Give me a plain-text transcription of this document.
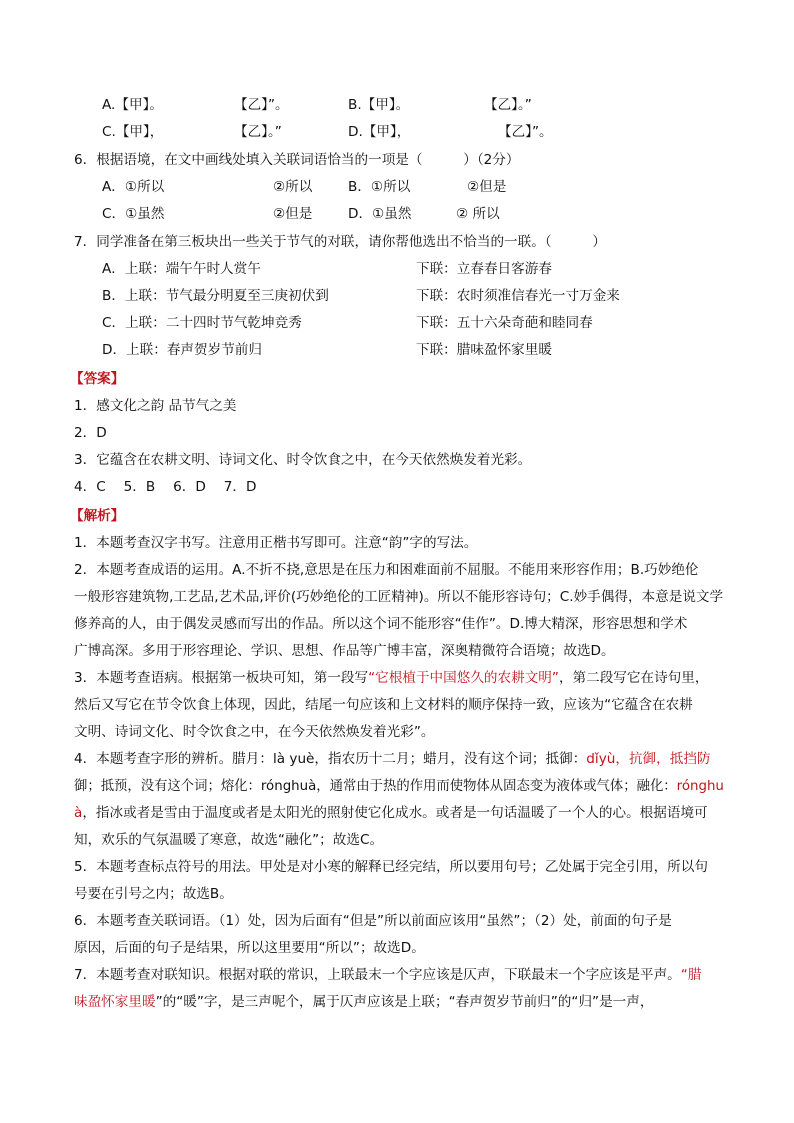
A.【甲】。	【乙】”。	B.【甲】。	【乙】。”
C.【甲】，	【乙】。”	D.【甲】，	【乙】”。
6．根据语境，在文中画线处填入关联词语恰当的一项是（　　　）（2分）
A．①所以	②所以	B．①所以	②但是
C．①虽然	②但是	D．①虽然	② 所以
7．同学准备在第三板块出一些关于节气的对联，请你帮他选出不恰当的一联。（　　　）
A．上联：端午午时人赏午	下联：立春春日客游春
B．上联：节气最分明夏至三庚初伏到	下联：农时须准信春光一寸万金来
C．上联：二十四时节气乾坤竞秀	下联：五十六朵奇葩和睦同春
D．上联：春声贺岁节前归	下联：腊味盈怀家里暖
【答案】
1．感文化之韵 品节气之美
2．D
3．它蕴含在农耕文明、诗词文化、时令饮食之中，在今天依然焕发着光彩。
4．C　 5．B　 6．D　 7．D
【解析】
1．本题考查汉字书写。注意用正楷书写即可。注意“韵”字的写法。
2．本题考查成语的运用。A.不折不挠,意思是在压力和困难面前不屈服。不能用来形容作用；B.巧妙绝伦
一般形容建筑物,工艺品,艺术品,评价(巧妙绝伦的工匠精神)。所以不能形容诗句；C.妙手偶得，本意是说文学
修养高的人，由于偶发灵感而写出的作品。所以这个词不能形容“佳作”。D.博大精深，形容思想和学术
广博高深。多用于形容理论、学识、思想、作品等广博丰富，深奥精微符合语境；故选D。
3．本题考查语病。根据第一板块可知，第一段写“它根植于中国悠久的农耕文明”，第二段写它在诗句里，
然后又写它在节令饮食上体现，因此，结尾一句应该和上文材料的顺序保持一致，应该为“它蕴含在农耕
文明、诗词文化、时令饮食之中，在今天依然焕发着光彩”。
4．本题考查字形的辨析。腊月：là yuè，指农历十二月；蜡月，没有这个词；抵御：dǐyù，抗御，抵挡防
御；抵预，没有这个词；熔化：rónghuà，通常由于热的作用而使物体从固态变为液体或气体；融化：rónghu
à，指冰或者是雪由于温度或者是太阳光的照射使它化成水。或者是一句话温暖了一个人的心。根据语境可
知，欢乐的气氛温暖了寒意，故选“融化”；故选C。
5．本题考查标点符号的用法。甲处是对小寒的解释已经完结，所以要用句号；乙处属于完全引用，所以句
号要在引号之内；故选B。
6．本题考查关联词语。（1）处，因为后面有“但是”所以前面应该用“虽然”；（2）处，前面的句子是
原因，后面的句子是结果，所以这里要用“所以”；故选D。
7．本题考查对联知识。根据对联的常识，上联最末一个字应该是仄声，下联最末一个字应该是平声。“腊
味盈怀家里暖”的“暖”字，是三声呢个，属于仄声应该是上联；“春声贺岁节前归”的“归”是一声，
